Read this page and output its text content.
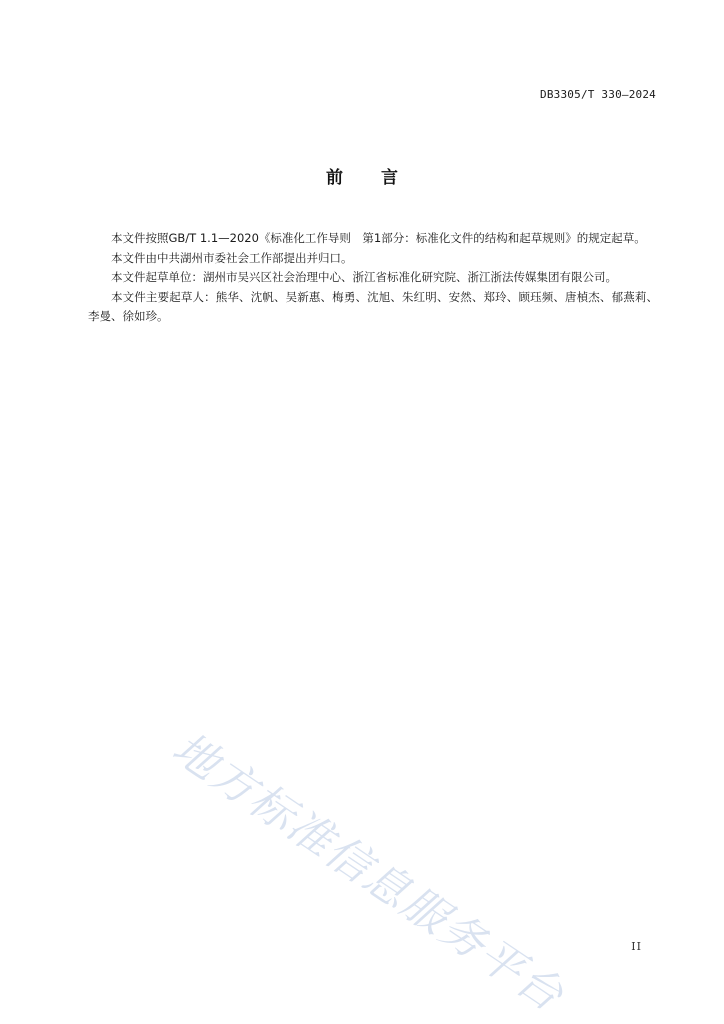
DB3305/T 330—2024
前言

本文件按照GB/T 1.1—2020《标准化工作导则　第1部分：标准化文件的结构和起草规则》的规定起草。

本文件由中共湖州市委社会工作部提出并归口。

本文件起草单位：湖州市吴兴区社会治理中心、浙江省标准化研究院、浙江浙法传媒集团有限公司。

本文件主要起草人：熊华、沈帆、吴新惠、梅勇、沈旭、朱红明、安然、郑玲、顾珏频、唐楨杰、郁燕莉、李曼、徐如珍。

地方标准信息服务平台	II
